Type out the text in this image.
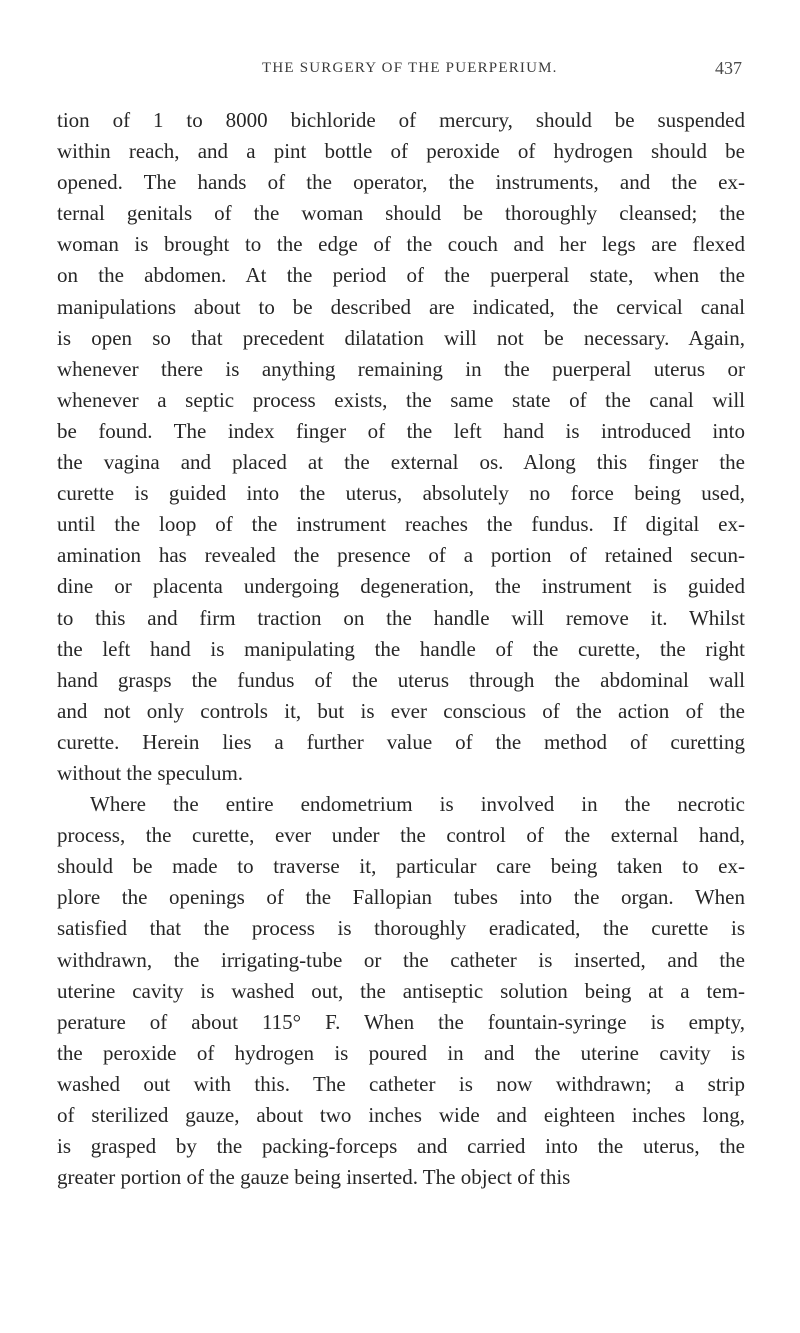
THE SURGERY OF THE PUERPERIUM.	437
tion of 1 to 8000 bichloride of mercury, should be suspended
within reach, and a pint bottle of peroxide of hydrogen should be
opened. The hands of the operator, the instruments, and the ex-
ternal genitals of the woman should be thoroughly cleansed; the
woman is brought to the edge of the couch and her legs are flexed
on the abdomen. At the period of the puerperal state, when the
manipulations about to be described are indicated, the cervical canal
is open so that precedent dilatation will not be necessary. Again,
whenever there is anything remaining in the puerperal uterus or
whenever a septic process exists, the same state of the canal will
be found. The index finger of the left hand is introduced into
the vagina and placed at the external os. Along this finger the
curette is guided into the uterus, absolutely no force being used,
until the loop of the instrument reaches the fundus. If digital ex-
amination has revealed the presence of a portion of retained secun-
dine or placenta undergoing degeneration, the instrument is guided
to this and firm traction on the handle will remove it. Whilst
the left hand is manipulating the handle of the curette, the right
hand grasps the fundus of the uterus through the abdominal wall
and not only controls it, but is ever conscious of the action of the
curette. Herein lies a further value of the method of curetting
without the speculum.
Where the entire endometrium is involved in the necrotic
process, the curette, ever under the control of the external hand,
should be made to traverse it, particular care being taken to ex-
plore the openings of the Fallopian tubes into the organ. When
satisfied that the process is thoroughly eradicated, the curette is
withdrawn, the irrigating-tube or the catheter is inserted, and the
uterine cavity is washed out, the antiseptic solution being at a tem-
perature of about 115° F. When the fountain-syringe is empty,
the peroxide of hydrogen is poured in and the uterine cavity is
washed out with this. The catheter is now withdrawn; a strip
of sterilized gauze, about two inches wide and eighteen inches long,
is grasped by the packing-forceps and carried into the uterus, the
greater portion of the gauze being inserted. The object of this
